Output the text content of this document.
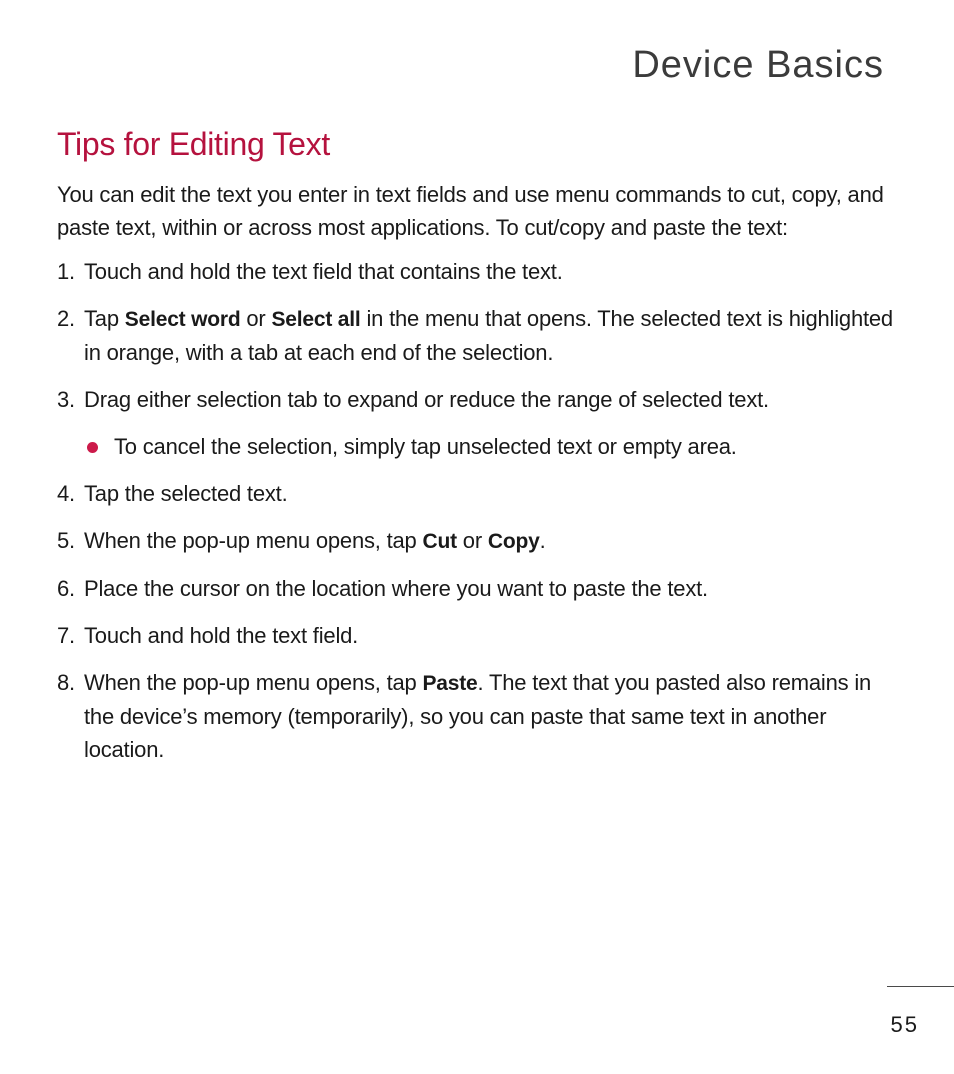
Device Basics
Tips for Editing Text

You can edit the text you enter in text fields and use menu commands to cut, copy, and paste text, within or across most applications. To cut/copy and paste the text:

1. Touch and hold the text field that contains the text.
2. Tap Select word or Select all in the menu that opens. The selected text is highlighted in orange, with a tab at each end of the selection.
3. Drag either selection tab to expand or reduce the range of selected text.
To cancel the selection, simply tap unselected text or empty area.
4. Tap the selected text.
5. When the pop-up menu opens, tap Cut or Copy.
6. Place the cursor on the location where you want to paste the text.
7. Touch and hold the text field.
8. When the pop-up menu opens, tap Paste. The text that you pasted also remains in the device’s memory (temporarily), so you can paste that same text in another location.
55
